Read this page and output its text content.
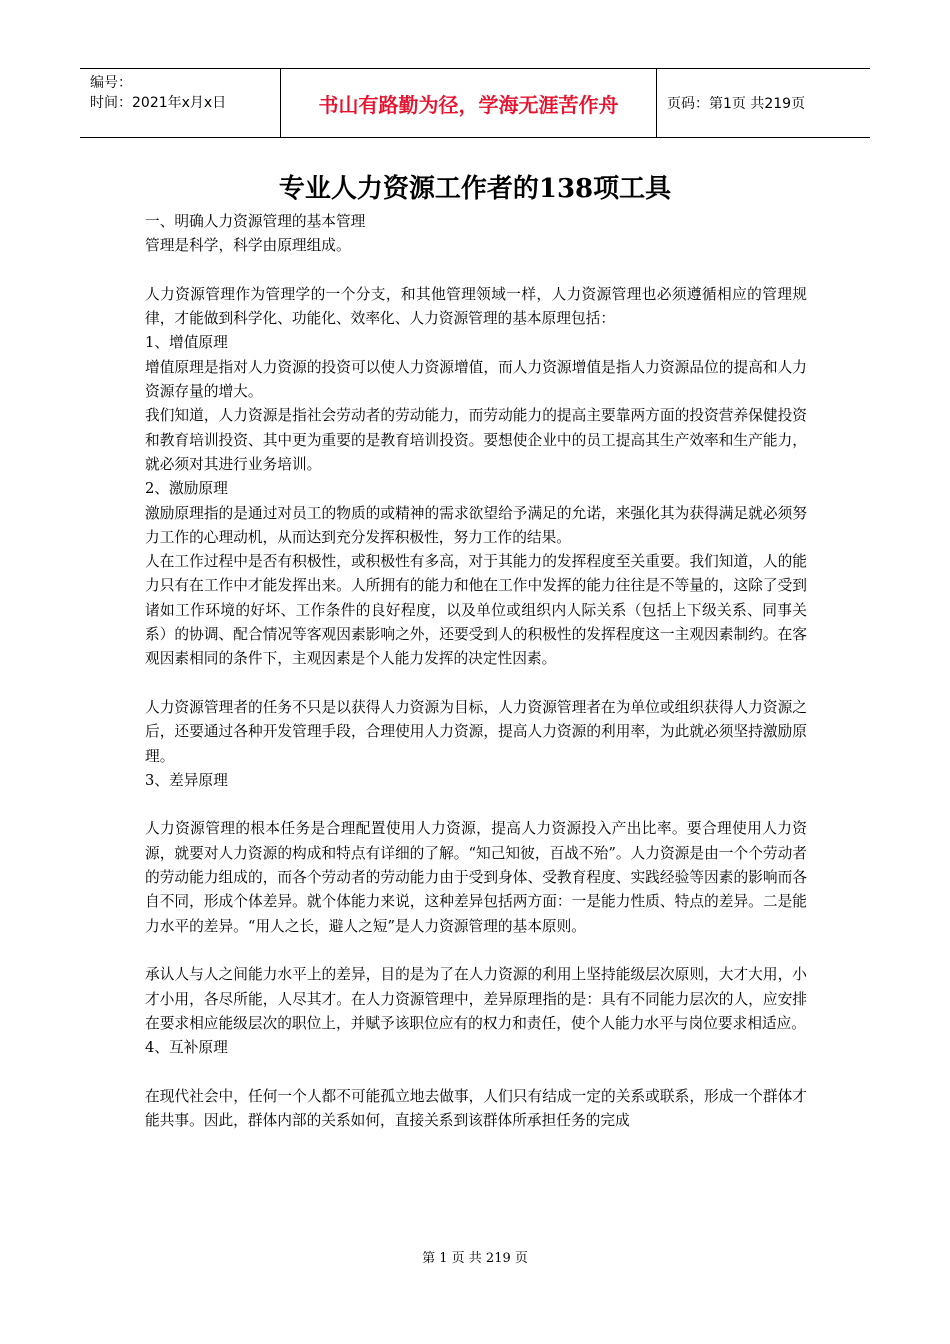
编号：
时间：2021年x月x日	书山有路勤为径，学海无涯苦作舟	页码：第1页 共219页
专业人力资源工作者的138项工具

一、明确人力资源管理的基本管理

管理是科学，科学由原理组成。

人力资源管理作为管理学的一个分支，和其他管理领域一样，人力资源管理也必须遵循相应的管理规律，才能做到科学化、功能化、效率化、人力资源管理的基本原理包括：

1、增值原理

增值原理是指对人力资源的投资可以使人力资源增值，而人力资源增值是指人力资源品位的提高和人力资源存量的增大。

我们知道，人力资源是指社会劳动者的劳动能力，而劳动能力的提高主要靠两方面的投资营养保健投资和教育培训投资、其中更为重要的是教育培训投资。要想使企业中的员工提高其生产效率和生产能力，就必须对其进行业务培训。

2、激励原理

激励原理指的是通过对员工的物质的或精神的需求欲望给予满足的允诺，来强化其为获得满足就必须努力工作的心理动机，从而达到充分发挥积极性，努力工作的结果。

人在工作过程中是否有积极性，或积极性有多高，对于其能力的发挥程度至关重要。我们知道，人的能力只有在工作中才能发挥出来。人所拥有的能力和他在工作中发挥的能力往往是不等量的，这除了受到诸如工作环境的好坏、工作条件的良好程度，以及单位或组织内人际关系（包括上下级关系、同事关系）的协调、配合情况等客观因素影响之外，还要受到人的积极性的发挥程度这一主观因素制约。在客观因素相同的条件下，主观因素是个人能力发挥的决定性因素。

人力资源管理者的任务不只是以获得人力资源为目标，人力资源管理者在为单位或组织获得人力资源之后，还要通过各种开发管理手段，合理使用人力资源，提高人力资源的利用率，为此就必须坚持激励原理。

3、差异原理

人力资源管理的根本任务是合理配置使用人力资源，提高人力资源投入产出比率。要合理使用人力资源，就要对人力资源的构成和特点有详细的了解。“知己知彼，百战不殆”。人力资源是由一个个劳动者的劳动能力组成的，而各个劳动者的劳动能力由于受到身体、受教育程度、实践经验等因素的影响而各自不同，形成个体差异。就个体能力来说，这种差异包括两方面：一是能力性质、特点的差异。二是能力水平的差异。“用人之长，避人之短”是人力资源管理的基本原则。

承认人与人之间能力水平上的差异，目的是为了在人力资源的利用上坚持能级层次原则，大才大用，小才小用，各尽所能，人尽其才。在人力资源管理中，差异原理指的是：具有不同能力层次的人，应安排在要求相应能级层次的职位上，并赋予该职位应有的权力和责任，使个人能力水平与岗位要求相适应。

4、互补原理

在现代社会中，任何一个人都不可能孤立地去做事，人们只有结成一定的关系或联系，形成一个群体才能共事。因此，群体内部的关系如何，直接关系到该群体所承担任务的完成

第 1 页 共 219 页
